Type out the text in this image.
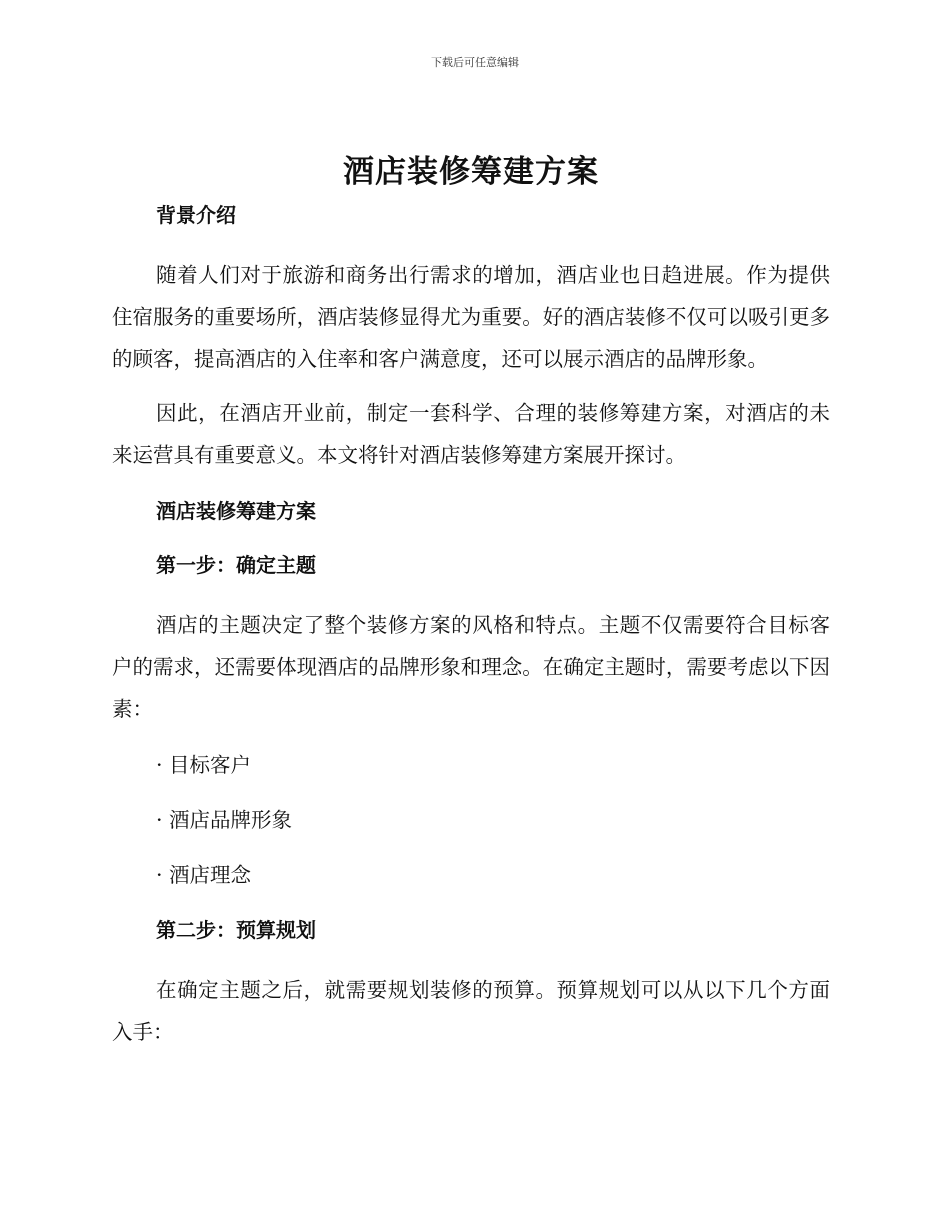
下载后可任意编辑
酒店装修筹建方案
背景介绍

随着人们对于旅游和商务出行需求的增加，酒店业也日趋进展。作为提供住宿服务的重要场所，酒店装修显得尤为重要。好的酒店装修不仅可以吸引更多的顾客，提高酒店的入住率和客户满意度，还可以展示酒店的品牌形象。

因此，在酒店开业前，制定一套科学、合理的装修筹建方案，对酒店的未来运营具有重要意义。本文将针对酒店装修筹建方案展开探讨。

酒店装修筹建方案
第一步：确定主题

酒店的主题决定了整个装修方案的风格和特点。主题不仅需要符合目标客户的需求，还需要体现酒店的品牌形象和理念。在确定主题时，需要考虑以下因素：

· 目标客户
· 酒店品牌形象
· 酒店理念
第二步：预算规划

在确定主题之后，就需要规划装修的预算。预算规划可以从以下几个方面入手：
